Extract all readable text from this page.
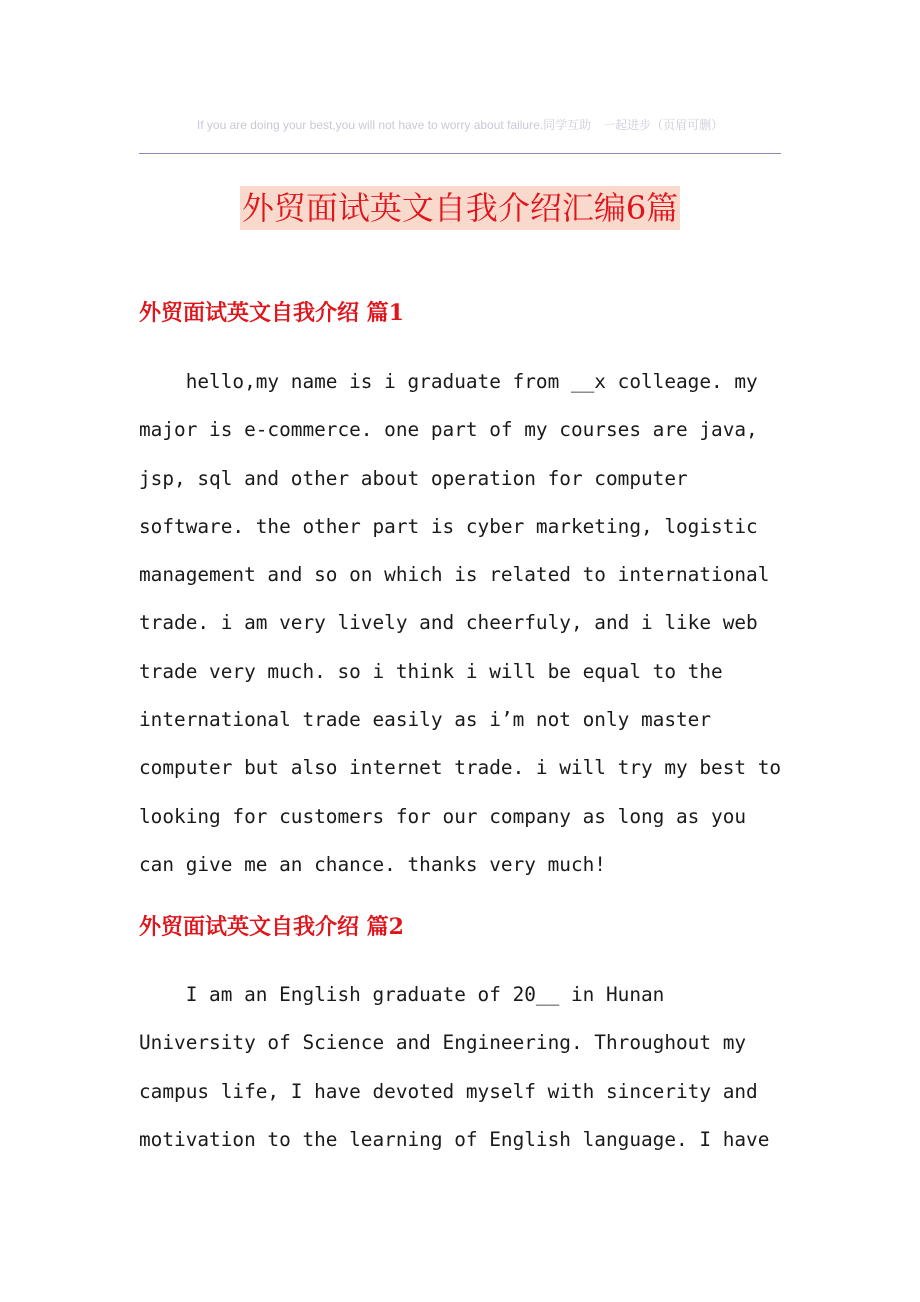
If you are doing your best,you will not have to worry about failure.同学互助　一起进步（页眉可删）
外贸面试英文自我介绍汇编6篇
外贸面试英文自我介绍 篇1
hello,my name is i graduate from __x colleage. my
major is e-commerce. one part of my courses are java,
jsp, sql and other about operation for computer
software. the other part is cyber marketing, logistic
management and so on which is related to international
trade. i am very lively and cheerfuly, and i like web
trade very much. so i think i will be equal to the
international trade easily as i’m not only master
computer but also internet trade. i will try my best to
looking for customers for our company as long as you
can give me an chance. thanks very much!
外贸面试英文自我介绍 篇2
I am an English graduate of 20__ in Hunan
University of Science and Engineering. Throughout my
campus life, I have devoted myself with sincerity and
motivation to the learning of English language. I have
